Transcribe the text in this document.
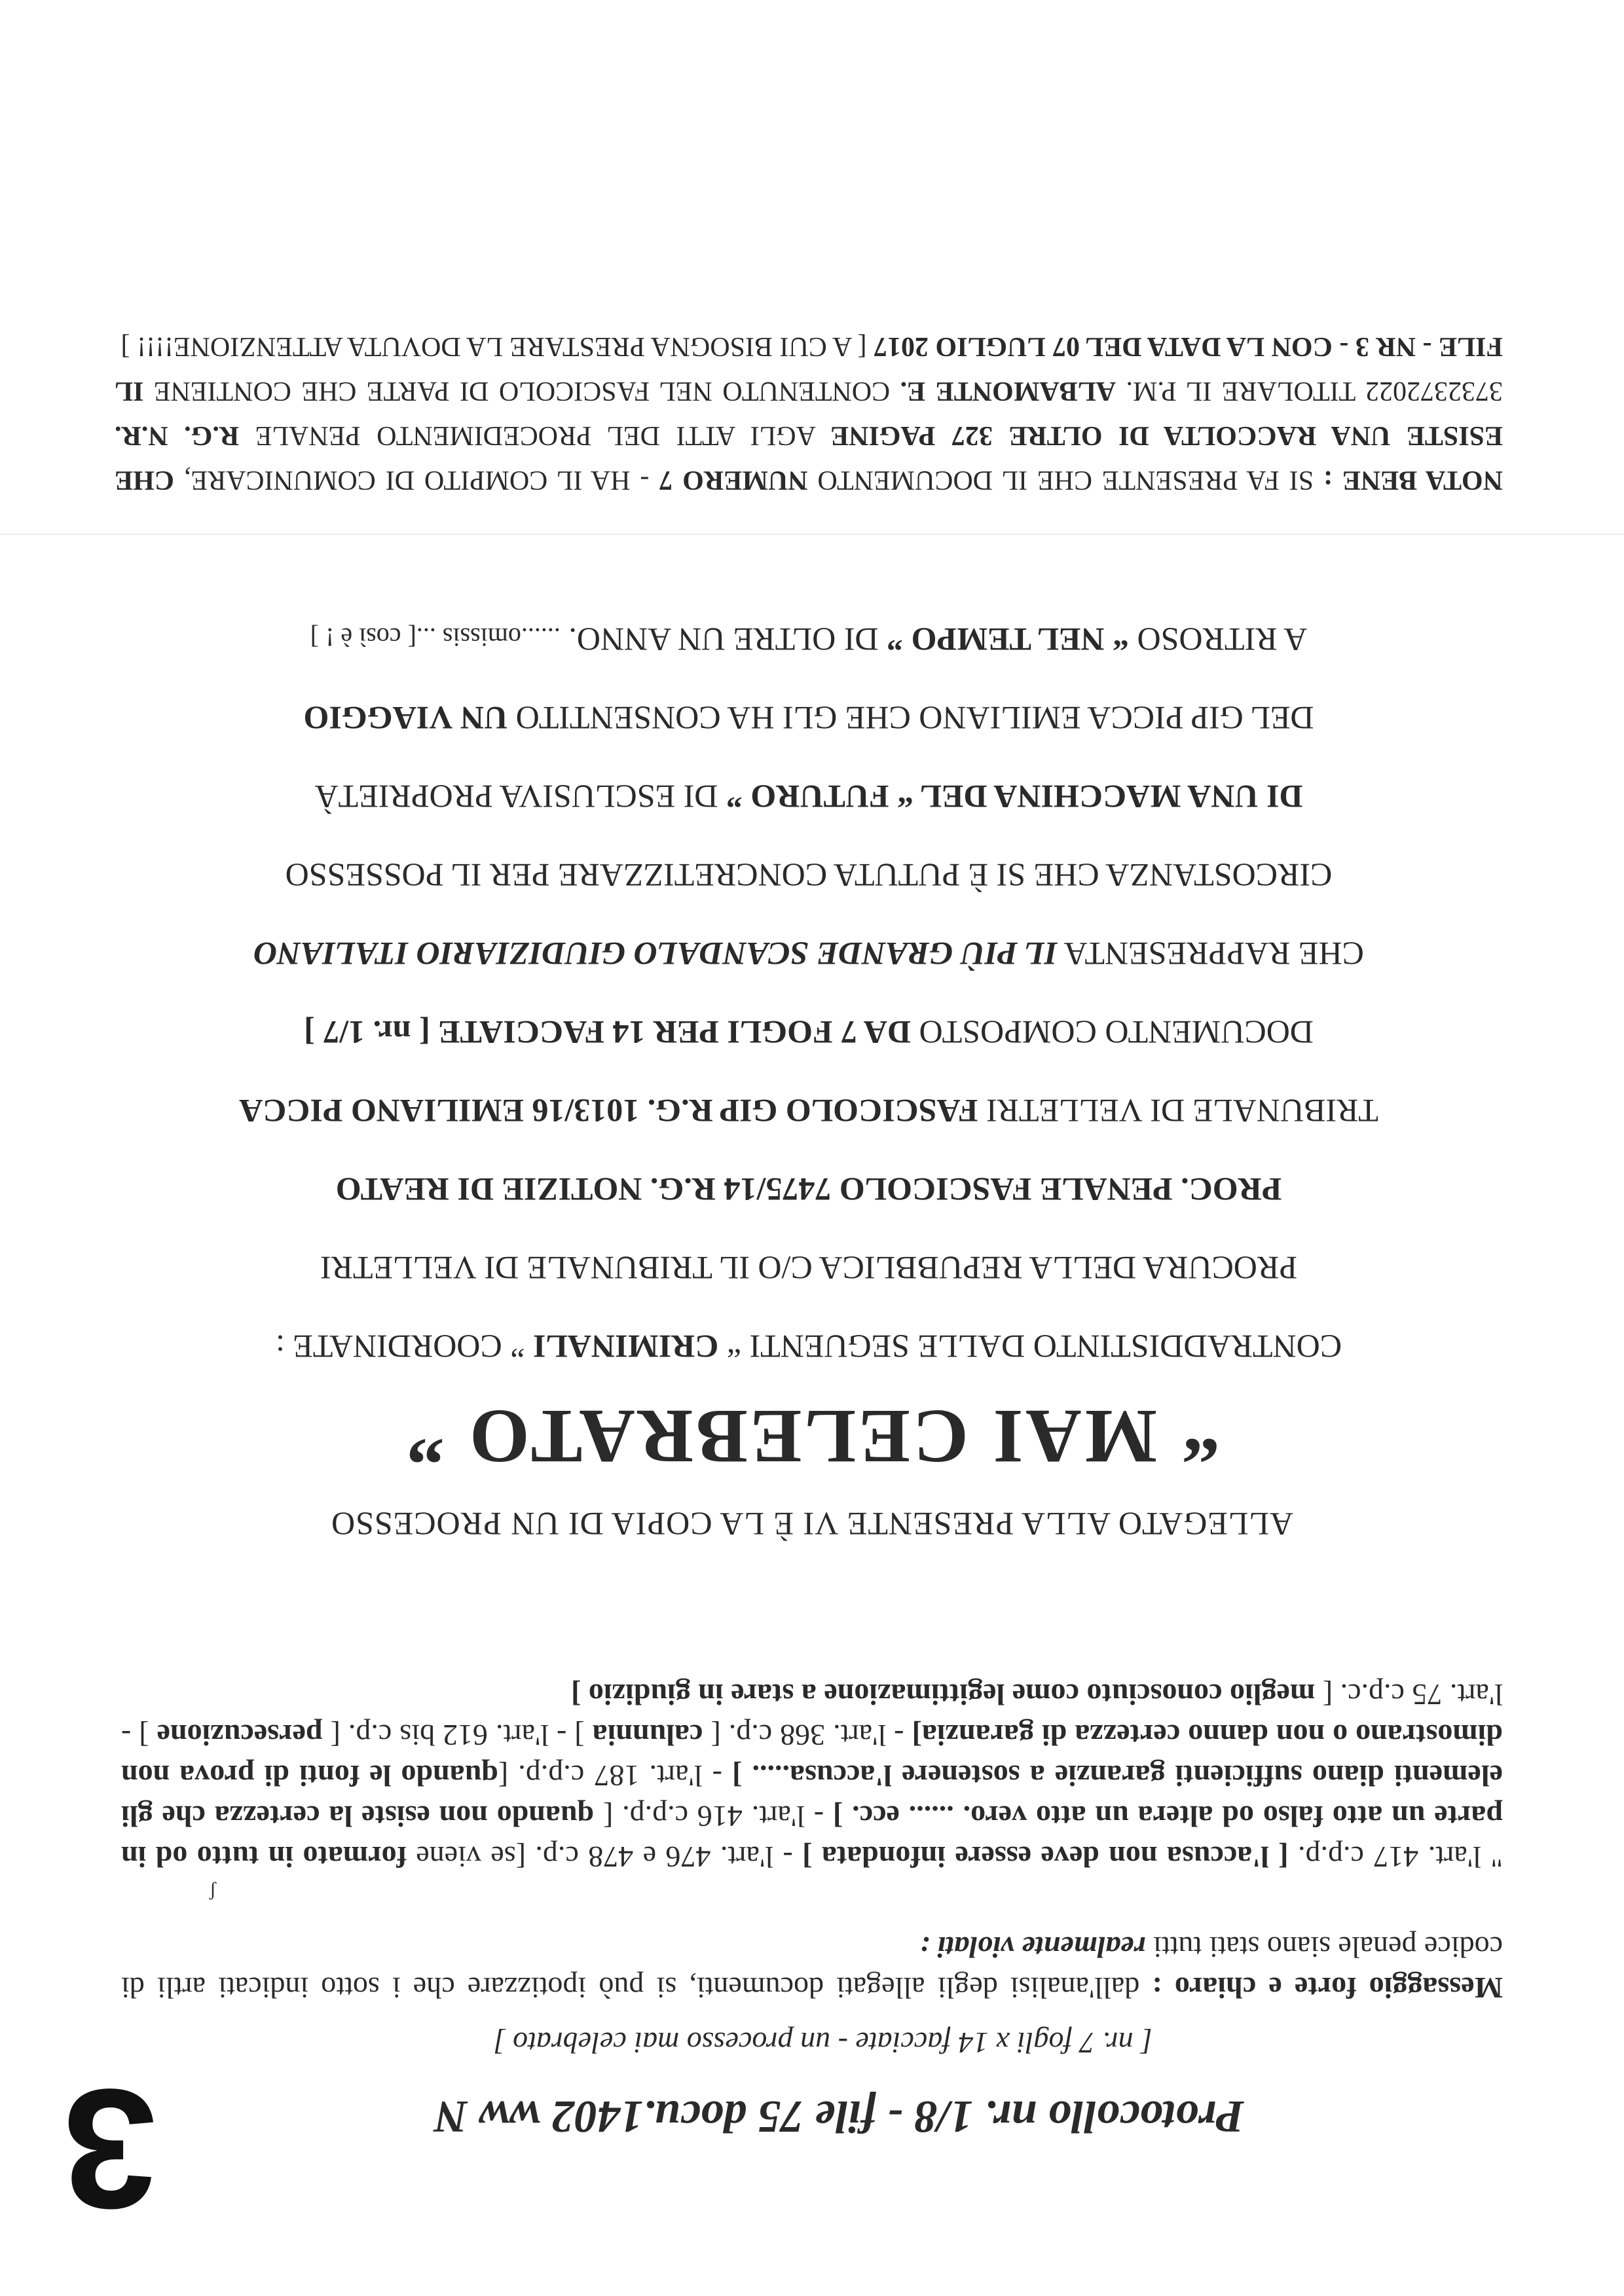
3	Protocollo nr. 1/8 - file 75 docu.1402 ww N
[ nr. 7 fogli x 14 facciate - un processo mai celebrato ]
Messaggio forte e chiaro : dall'analisi degli allegati documenti, si può ipotizzare che i sotto indicati artli di codice penale siano stati tutti realmente violati :
ʃ
" l'art. 417 c.p.p. [ l'accusa non deve essere infondata ] - l'art. 476 e 478 c.p. [se viene formato in tutto od in parte un atto falso od altera un atto vero. ...... ecc. ] - l'art. 416 c.p.p. [ quando non esiste la certezza che gli elementi diano sufficienti garanzie a sostenere l'accusa..... ] - l'art. 187 c.p.p. [quando le fonti di prova non dimostrano o non danno certezza di garanzia] - l'art. 368 c.p. [ calunnia ] - l'art. 612 bis c.p. [ persecuzione ] - l'art. 75 c.p.c. [ meglio conosciuto come legittimazione a stare in giudizio ]
ALLEGATO ALLA PRESENTE VI È LA COPIA DI UN PROCESSO
“ MAI CELEBRATO ”
CONTRADDISTINTO DALLE SEGUENTI “ CRIMINALI ” COORDINATE :
PROCURA DELLA REPUBBLICA C/O IL TRIBUNALE DI VELLETRI
PROC. PENALE FASCICOLO 7475/14 R.G. NOTIZIE DI REATO
TRIBUNALE DI VELLETRI FASCICOLO GIP R.G. 1013/16 EMILIANO PICCA
DOCUMENTO COMPOSTO DA 7 FOGLI PER 14 FACCIATE [ nr. 1/7 ]
CHE RAPPRESENTA IL PIÙ GRANDE SCANDALO GIUDIZIARIO ITALIANO
CIRCOSTANZA CHE SI È PUTUTA CONCRETIZZARE PER IL POSSESSO
DI UNA MACCHINA DEL “ FUTURO ” DI ESCLUSIVA PROPRIETÀ
DEL GIP PICCA EMILIANO CHE GLI HA CONSENTITO UN VIAGGIO
A RITROSO “ NEL TEMPO ” DI OLTRE UN ANNO. ......omissis ...[ così è ! ]
NOTA BENE : SI FA PRESENTE CHE IL DOCUMENTO NUMERO 7 - HA IL COMPITO DI COMUNICARE, CHE ESISTE UNA RACCOLTA DI OLTRE 327 PAGINE AGLI ATTI DEL PROCEDIMENTO PENALE R.G. N.R. 3732372022 TITOLARE IL P.M. ALBAMONTE E. CONTENUTO NEL FASCICOLO DI PARTE CHE CONTIENE IL FILE - NR 3 - CON LA DATA DEL 07 LUGLIO 2017 [ A CUI BISOGNA PRESTARE LA DOVUTA ATTENZIONE!!!! ]
